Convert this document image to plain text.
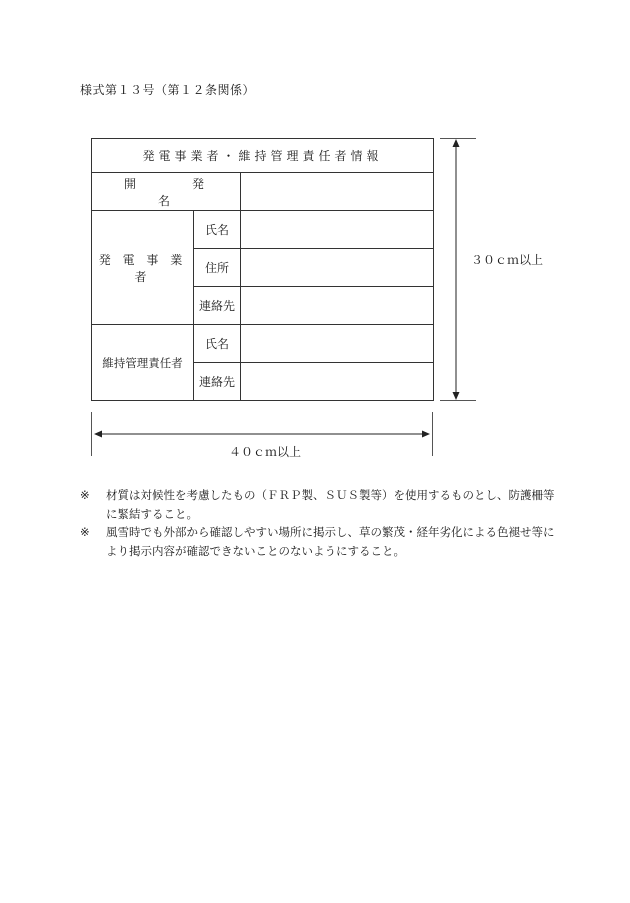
様式第１３号（第１２条関係）
発電事業者・維持管理責任者情報		
開　発　名		
発 電 事 業 者	氏名	
	住所	
	連絡先	
維持管理責任者	氏名	
	連絡先	
３０ｃｍ以上
４０ｃｍ以上
※ 材質は対候性を考慮したもの（ＦＲＰ製、ＳＵＳ製等）を使用するものとし、防護柵等に緊結すること。
※ 風雪時でも外部から確認しやすい場所に掲示し、草の繁茂・経年劣化による色褪せ等により掲示内容が確認できないことのないようにすること。
